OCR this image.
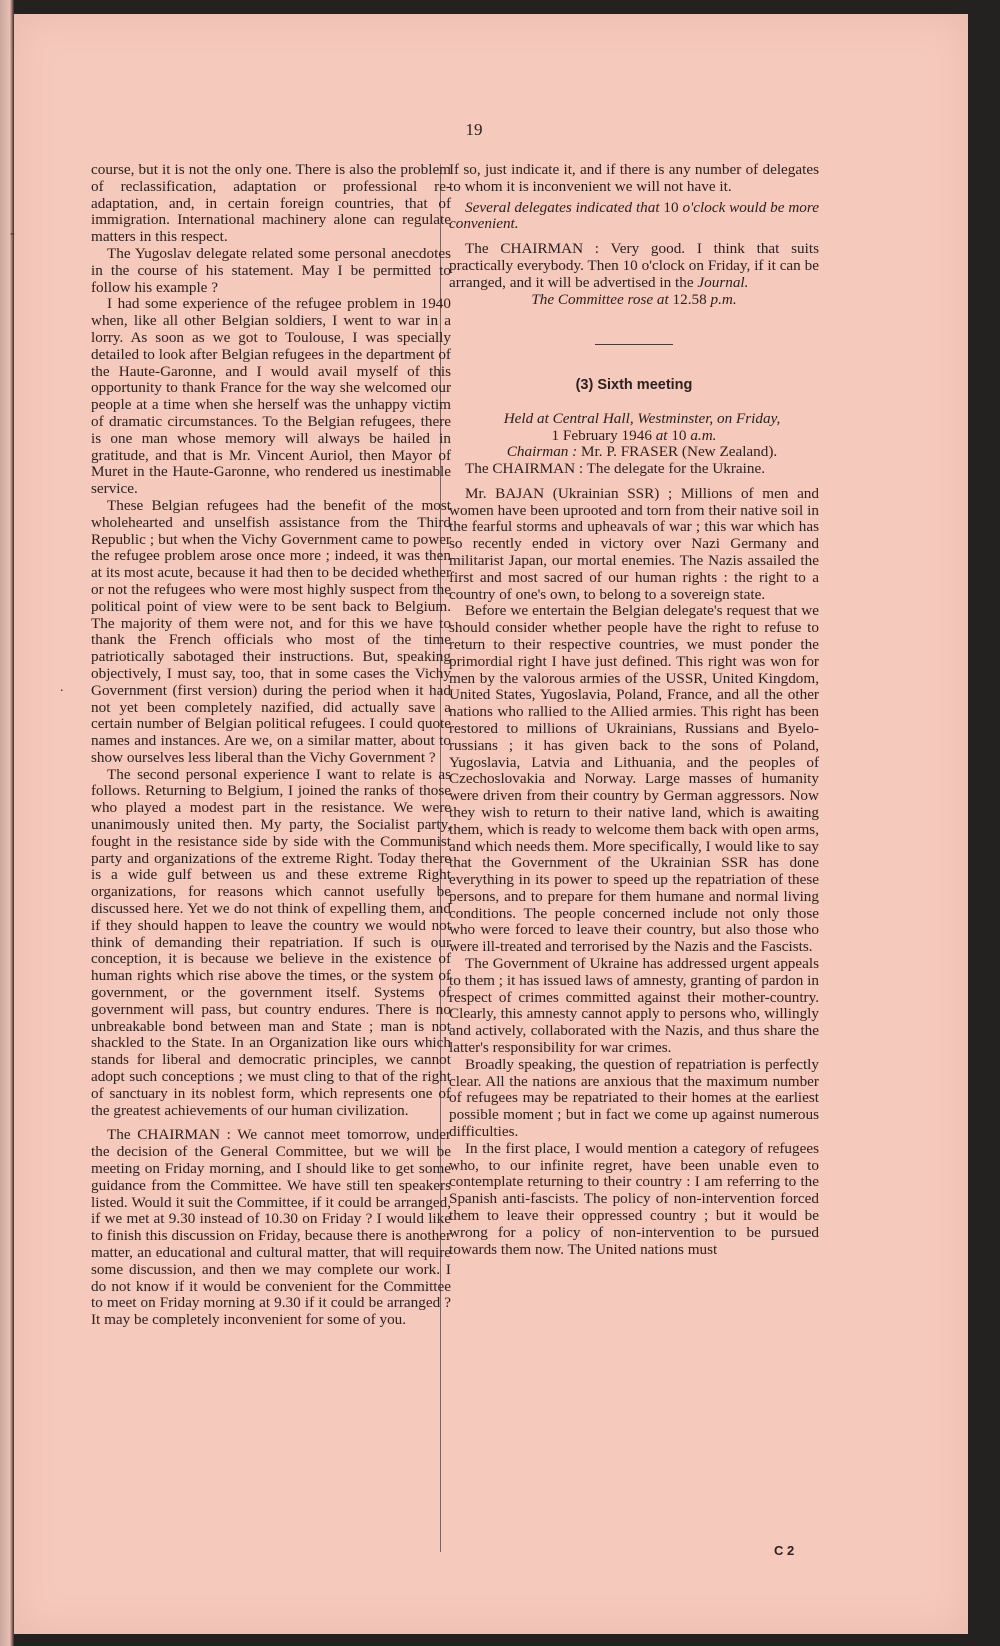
19
-
.

course, but it is not the only one. There is also the problem of reclassification, adaptation or professional re-adaptation, and, in certain foreign countries, that of immigration. International machinery alone can regulate matters in this respect.

The Yugoslav delegate related some personal anecdotes in the course of his statement. May I be permitted to follow his example ?

I had some experience of the refugee problem in 1940 when, like all other Belgian soldiers, I went to war in a lorry. As soon as we got to Toulouse, I was specially detailed to look after Belgian refugees in the department of the Haute-Garonne, and I would avail myself of this opportunity to thank France for the way she welcomed our people at a time when she herself was the unhappy victim of dramatic circumstances. To the Belgian refugees, there is one man whose memory will always be hailed in gratitude, and that is Mr. Vincent Auriol, then Mayor of Muret in the Haute-Garonne, who rendered us inestimable service.

These Belgian refugees had the benefit of the most wholehearted and unselfish assistance from the Third Republic ; but when the Vichy Government came to power the refugee problem arose once more ; indeed, it was then at its most acute, because it had then to be decided whether or not the refugees who were most highly suspect from the political point of view were to be sent back to Belgium. The majority of them were not, and for this we have to thank the French officials who most of the time patriotically sabotaged their instructions. But, speaking objectively, I must say, too, that in some cases the Vichy Government (first version) during the period when it had not yet been completely nazified, did actually save a certain number of Belgian political refugees. I could quote names and instances. Are we, on a similar matter, about to show ourselves less liberal than the Vichy Government ?

The second personal experience I want to relate is as follows. Returning to Belgium, I joined the ranks of those who played a modest part in the resistance. We were unanimously united then. My party, the Socialist party, fought in the resistance side by side with the Communist party and organizations of the extreme Right. Today there is a wide gulf between us and these extreme Right organizations, for reasons which cannot usefully be discussed here. Yet we do not think of expelling them, and if they should happen to leave the country we would not think of demanding their repatriation. If such is our conception, it is because we believe in the existence of human rights which rise above the times, or the system of government, or the government itself. Systems of government will pass, but country endures. There is no unbreakable bond between man and State ; man is not shackled to the State. In an Organization like ours which stands for liberal and democratic principles, we cannot adopt such conceptions ; we must cling to that of the right of sanctuary in its noblest form, which represents one of the greatest achievements of our human civilization.

The CHAIRMAN : We cannot meet tomorrow, under the decision of the General Committee, but we will be meeting on Friday morning, and I should like to get some guidance from the Committee. We have still ten speakers listed. Would it suit the Committee, if it could be arranged, if we met at 9.30 instead of 10.30 on Friday ? I would like to finish this discussion on Friday, because there is another matter, an educational and cultural matter, that will require some discussion, and then we may complete our work. I do not know if it would be convenient for the Committee to meet on Friday morning at 9.30 if it could be arranged ? It may be completely inconvenient for some of you.

If so, just indicate it, and if there is any number of delegates to whom it is inconvenient we will not have it.

Several delegates indicated that 10 o'clock would be more convenient.

The CHAIRMAN : Very good. I think that suits practically everybody. Then 10 o'clock on Friday, if it can be arranged, and it will be advertised in the Journal.

The Committee rose at 12.58 p.m.

(3) Sixth meeting

Held at Central Hall, Westminster, on Friday,
1 February 1946 at 10 a.m.

Chairman : Mr. P. FRASER (New Zealand).

The CHAIRMAN : The delegate for the Ukraine.

Mr. BAJAN (Ukrainian SSR) ; Millions of men and women have been uprooted and torn from their native soil in the fearful storms and upheavals of war ; this war which has so recently ended in victory over Nazi Germany and militarist Japan, our mortal enemies. The Nazis assailed the first and most sacred of our human rights : the right to a country of one's own, to belong to a sovereign state.

Before we entertain the Belgian delegate's request that we should consider whether people have the right to refuse to return to their respective countries, we must ponder the primordial right I have just defined. This right was won for men by the valorous armies of the USSR, United Kingdom, United States, Yugoslavia, Poland, France, and all the other nations who rallied to the Allied armies. This right has been restored to millions of Ukrainians, Russians and Byelo-russians ; it has given back to the sons of Poland, Yugoslavia, Latvia and Lithuania, and the peoples of Czechoslovakia and Norway. Large masses of humanity were driven from their country by German aggressors. Now they wish to return to their native land, which is awaiting them, which is ready to welcome them back with open arms, and which needs them. More specifically, I would like to say that the Government of the Ukrainian SSR has done everything in its power to speed up the repatriation of these persons, and to prepare for them humane and normal living conditions. The people concerned include not only those who were forced to leave their country, but also those who were ill-treated and terrorised by the Nazis and the Fascists.

The Government of Ukraine has addressed urgent appeals to them ; it has issued laws of amnesty, granting of pardon in respect of crimes committed against their mother-country. Clearly, this amnesty cannot apply to persons who, willingly and actively, collaborated with the Nazis, and thus share the latter's responsibility for war crimes.

Broadly speaking, the question of repatriation is perfectly clear. All the nations are anxious that the maximum number of refugees may be repatriated to their homes at the earliest possible moment ; but in fact we come up against numerous difficulties.

In the first place, I would mention a category of refugees who, to our infinite regret, have been unable even to contemplate returning to their country : I am referring to the Spanish anti-fascists. The policy of non-intervention forced them to leave their oppressed country ; but it would be wrong for a policy of non-intervention to be pursued towards them now. The United nations must

C 2
